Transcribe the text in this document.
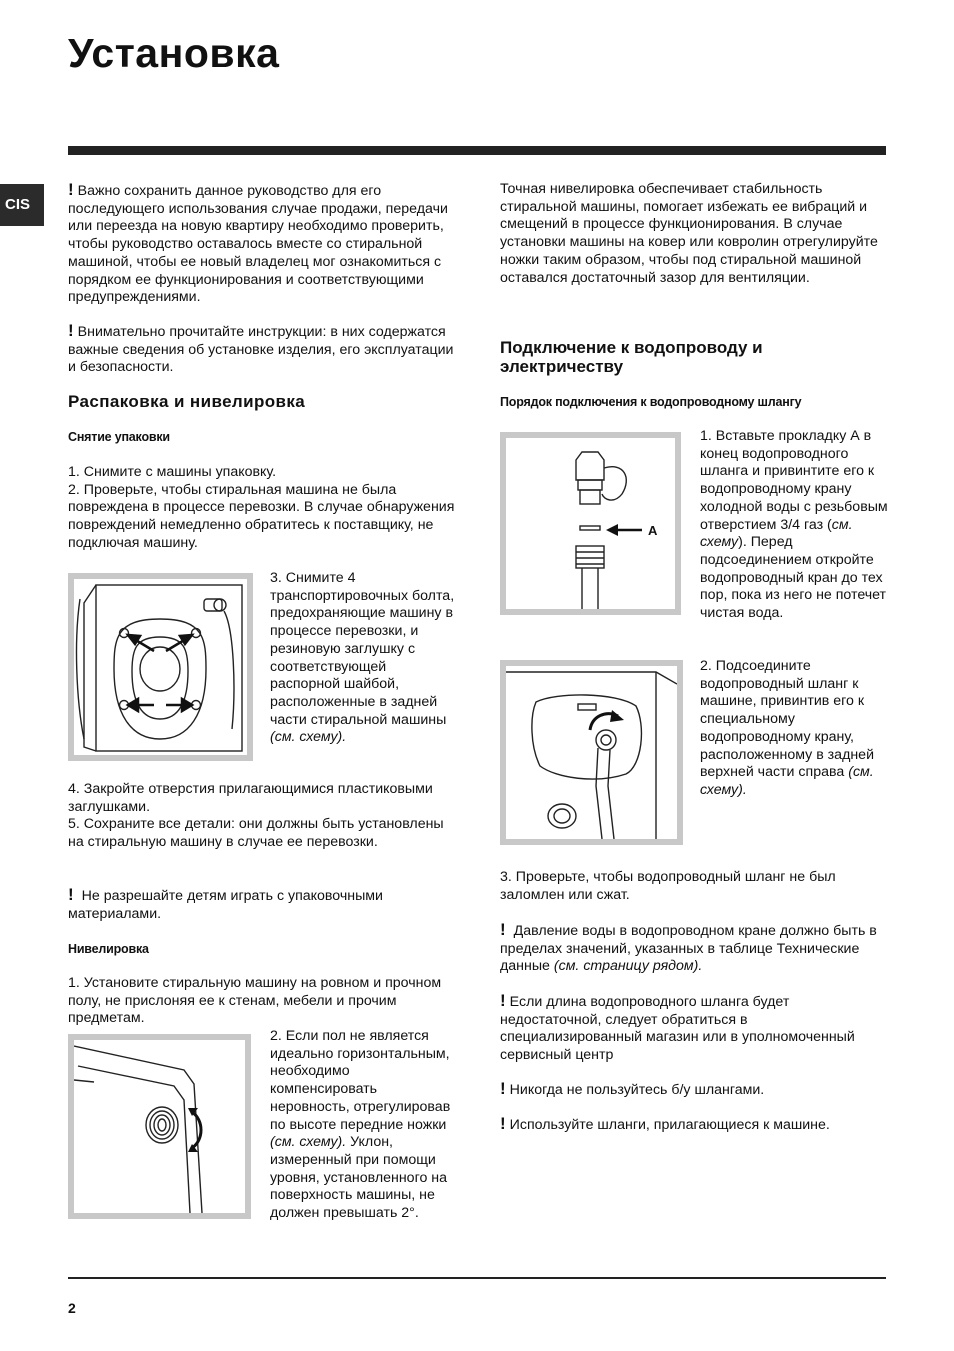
Установка
CIS

! Важно сохранить данное руководство для его последующего использования случае продажи, передачи или переезда на новую квартиру необходимо проверить, чтобы руководство оставалось вместе со стиральной машиной, чтобы ее новый владелец мог ознакомиться с порядком ее функционирования и соответствующими предупреждениями.

! Внимательно прочитайте инструкции: в них содержатся важные сведения об установке изделия, его эксплуатации и безопасности.

Распаковка и нивелировка
Снятие упаковки

1. Снимите с машины упаковку.

2. Проверьте, чтобы стиральная машина не была повреждена в процессе перевозки. В случае обнаружения повреждений немедленно обратитесь к поставщику, не подключая машину.

3. Снимите 4 транспортировочных болта, предохраняющие машину в процессе перевозки, и резиновую заглушку с соответствующей распорной шайбой, расположенные в задней части стиральной машины (см. схему).

4. Закройте отверстия прилагающимися пластиковыми заглушками.

5. Сохраните все детали: они должны быть установлены на стиральную машину в случае ее перевозки.

! Не разрешайте детям играть с упаковочными материалами.

Нивелировка
1. Установите стиральную машину на ровном и прочном полу, не прислоняя ее к стенам, мебели и прочим предметам.

2. Если пол не является идеально горизонтальным, необходимо компенсировать неровность, отрегулировав по высоте передние ножки (см. схему). Уклон, измеренный при помощи уровня, установленного на поверхность машины, не должен превышать 2°.

Точная нивелировка обеспечивает стабильность стиральной машины, помогает избежать ее вибраций и смещений в процессе функционирования. В случае установки машины на ковер или ковролин отрегулируйте ножки таким образом, чтобы под стиральной машиной оставался достаточный зазор для вентиляции.
Подключение к водопроводу и электричеству
Порядок подключения к водопроводному шлангу
A

1. Вставьте прокладку А в конец водопроводного шланга и привинтите его к водопроводному крану холодной воды с резьбовым отверстием 3/4 газ (см. схему). Перед подсоединением откройте водопроводный кран до тех пор, пока из него не потечет чистая вода.

2. Подсоедините водопроводный шланг к машине, привинтив его к специальному водопроводному крану, расположенному в задней верхней части справа (см. схему).

3. Проверьте, чтобы водопроводный шланг не был заломлен или сжат.

! Давление воды в водопроводном кране должно быть в пределах значений, указанных в таблице Технические данные (см. страницу рядом).

! Если длина водопроводного шланга будет недостаточной, следует обратиться в специализированный магазин или в уполномоченный сервисный центр

! Никогда не пользуйтесь б/у шлангами.

! Используйте шланги, прилагающиеся к машине.

2
